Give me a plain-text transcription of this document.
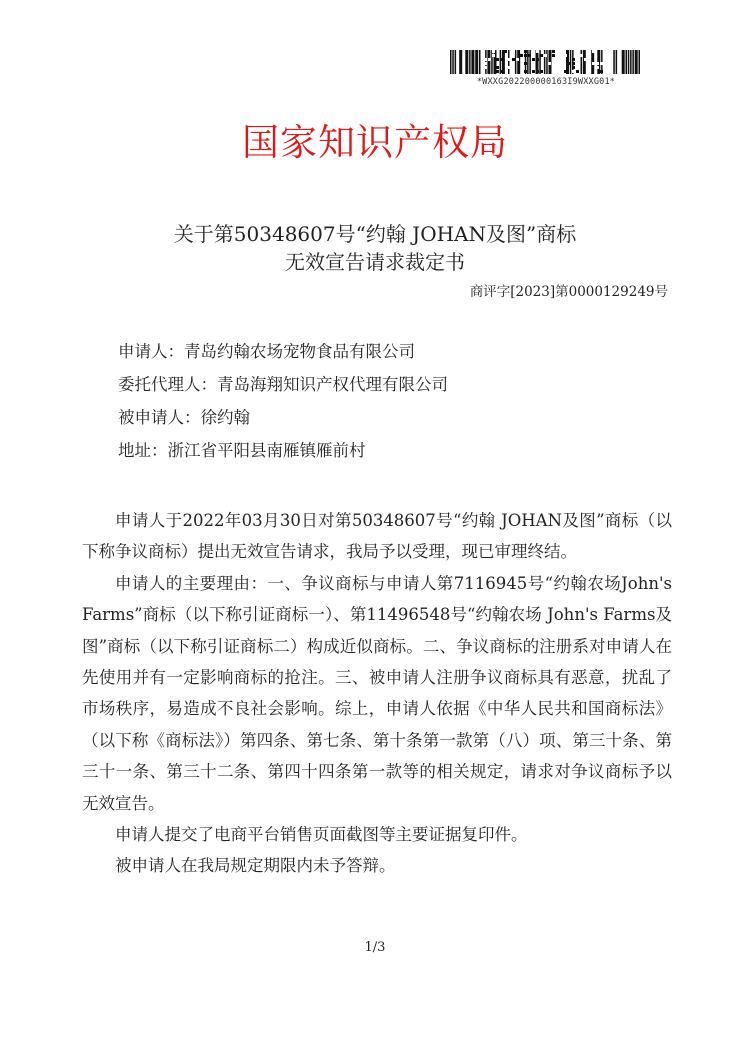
*WXXG202200000163I9WXXG01*
国家知识产权局
关于第50348607号“约翰 JOHAN及图”商标
无效宣告请求裁定书
商评字[2023]第0000129249号
申请人：青岛约翰农场宠物食品有限公司
委托代理人：青岛海翔知识产权代理有限公司
被申请人：徐约翰
地址：浙江省平阳县南雁镇雁前村

申请人于2022年03月30日对第50348607号“约翰 JOHAN及图”商标（以下称争议商标）提出无效宣告请求，我局予以受理，现已审理终结。

申请人的主要理由：一、争议商标与申请人第7116945号“约翰农场John's Farms”商标（以下称引证商标一）、第11496548号“约翰农场 John's Farms及图”商标（以下称引证商标二）构成近似商标。二、争议商标的注册系对申请人在先使用并有一定影响商标的抢注。三、被申请人注册争议商标具有恶意，扰乱了市场秩序，易造成不良社会影响。综上，申请人依据《中华人民共和国商标法》（以下称《商标法》）第四条、第七条、第十条第一款第（八）项、第三十条、第三十一条、第三十二条、第四十四条第一款等的相关规定，请求对争议商标予以无效宣告。

申请人提交了电商平台销售页面截图等主要证据复印件。

被申请人在我局规定期限内未予答辩。

1/3
